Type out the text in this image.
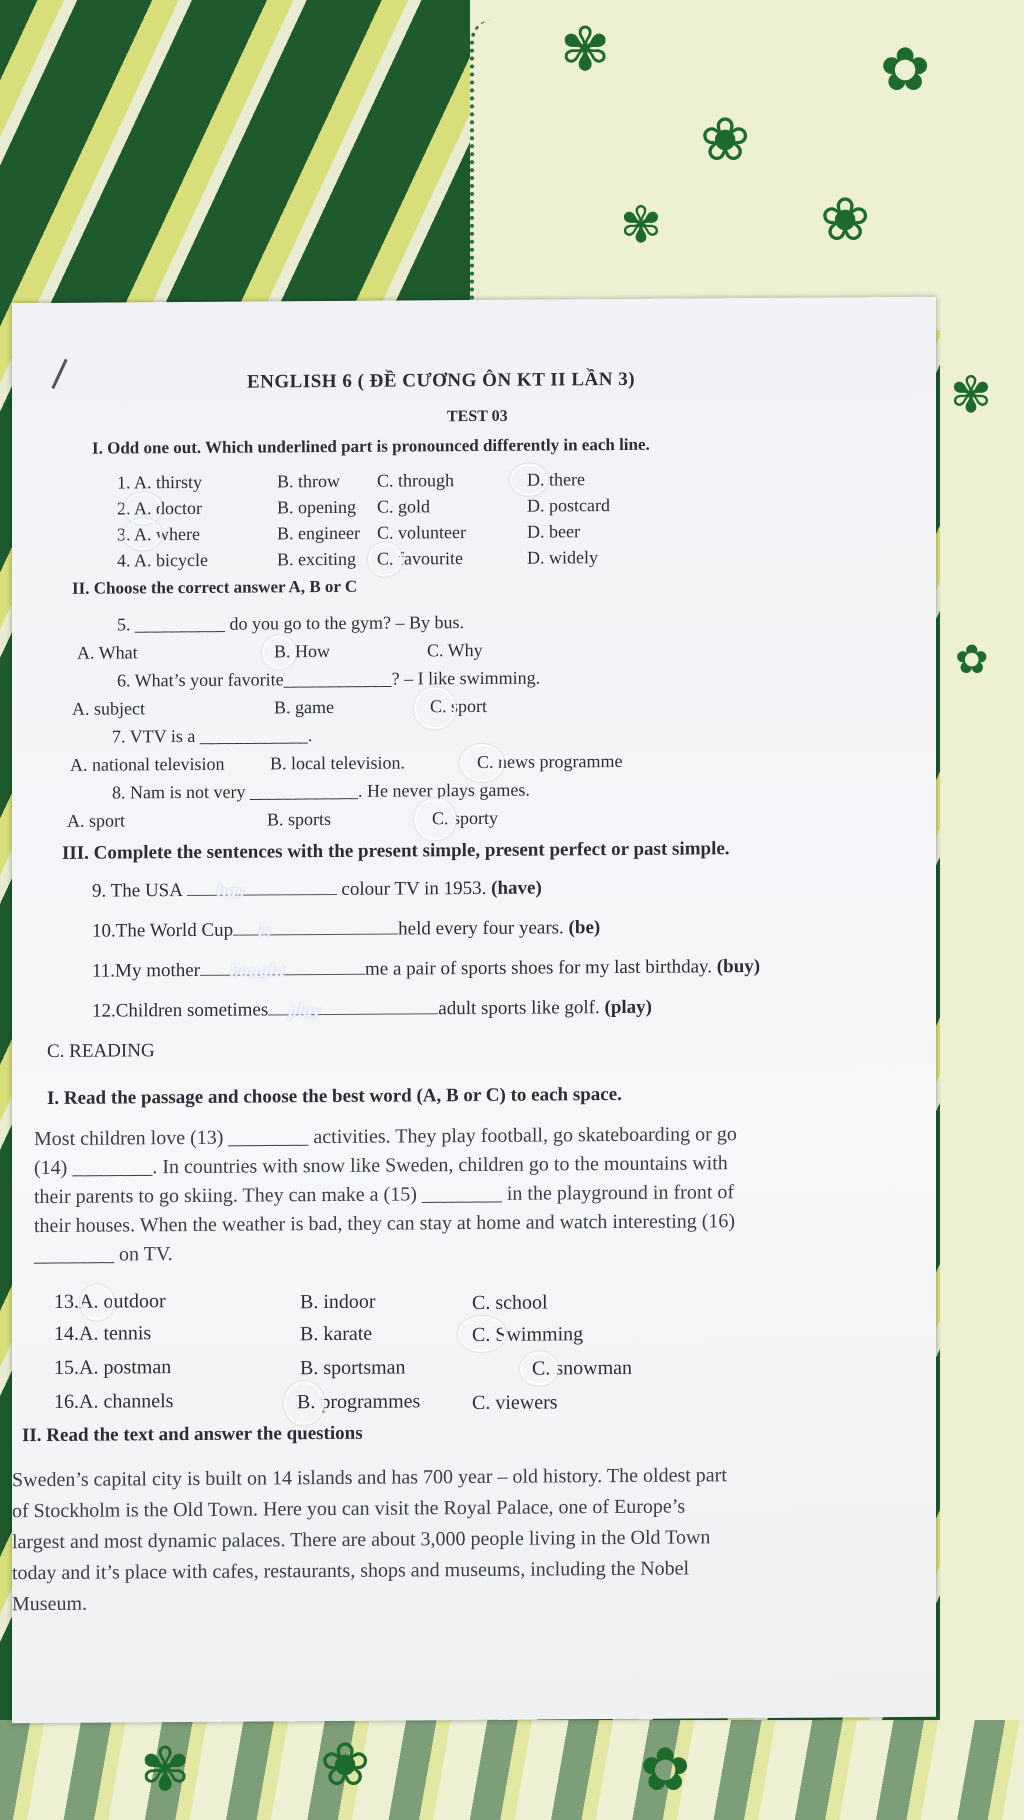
✾
❀
✿
✾	❀
✾
✿
✾ ❀	✿
ENGLISH 6 ( ĐỀ CƯƠNG ÔN KT II LẦN 3)
TEST 03
I. Odd one out. Which underlined part is pronounced differently in each line.
1. A. thirsty	B. throw C. through	D. there
2. A. doctor	B. opening C. gold	D. postcard
3. A. where	B. engineer C. volunteer	D. beer
4. A. bicycle	B. exciting C. favourite	D. widely
II. Choose the correct answer A, B or C
5. __________ do you go to the gym? – By bus.
A. What	B. How	C. Why
6. What’s your favorite____________? – I like swimming.
A. subject	B. game	C. sport
7. VTV is a ____________.
A. national television	B. local television.	C. news programme
8. Nam is not very ____________. He never plays games.
A. sport	B. sports	C. sporty
III. Complete the sentences with the present simple, present perfect or past simple.
9. The USA has	colour TV in 1953. (have)
10.The World Cup is	held every four years. (be)
11.My mother bought	me a pair of sports shoes for my last birthday. (buy)
12.Children sometimes play	adult sports like golf. (play)
C. READING
I. Read the passage and choose the best word (A, B or C) to each space.
Most children love (13) ________ activities. They play football, go skateboarding or go
(14) ________. In countries with snow like Sweden, children go to the mountains with
their parents to go skiing. They can make a (15) ________ in the playground in front of
their houses. When the weather is bad, they can stay at home and watch interesting (16)
________ on TV.
13.A. outdoor	B. indoor	C. school
14.A. tennis	B. karate	C. Swimming
15.A. postman	B. sportsman	C. snowman
16.A. channels	B. programmes	C. viewers
II. Read the text and answer the questions
Sweden’s capital city is built on 14 islands and has 700 year – old history. The oldest part
of Stockholm is the Old Town. Here you can visit the Royal Palace, one of Europe’s
largest and most dynamic palaces. There are about 3,000 people living in the Old Town
today and it’s place with cafes, restaurants, shops and museums, including the Nobel
Museum.
